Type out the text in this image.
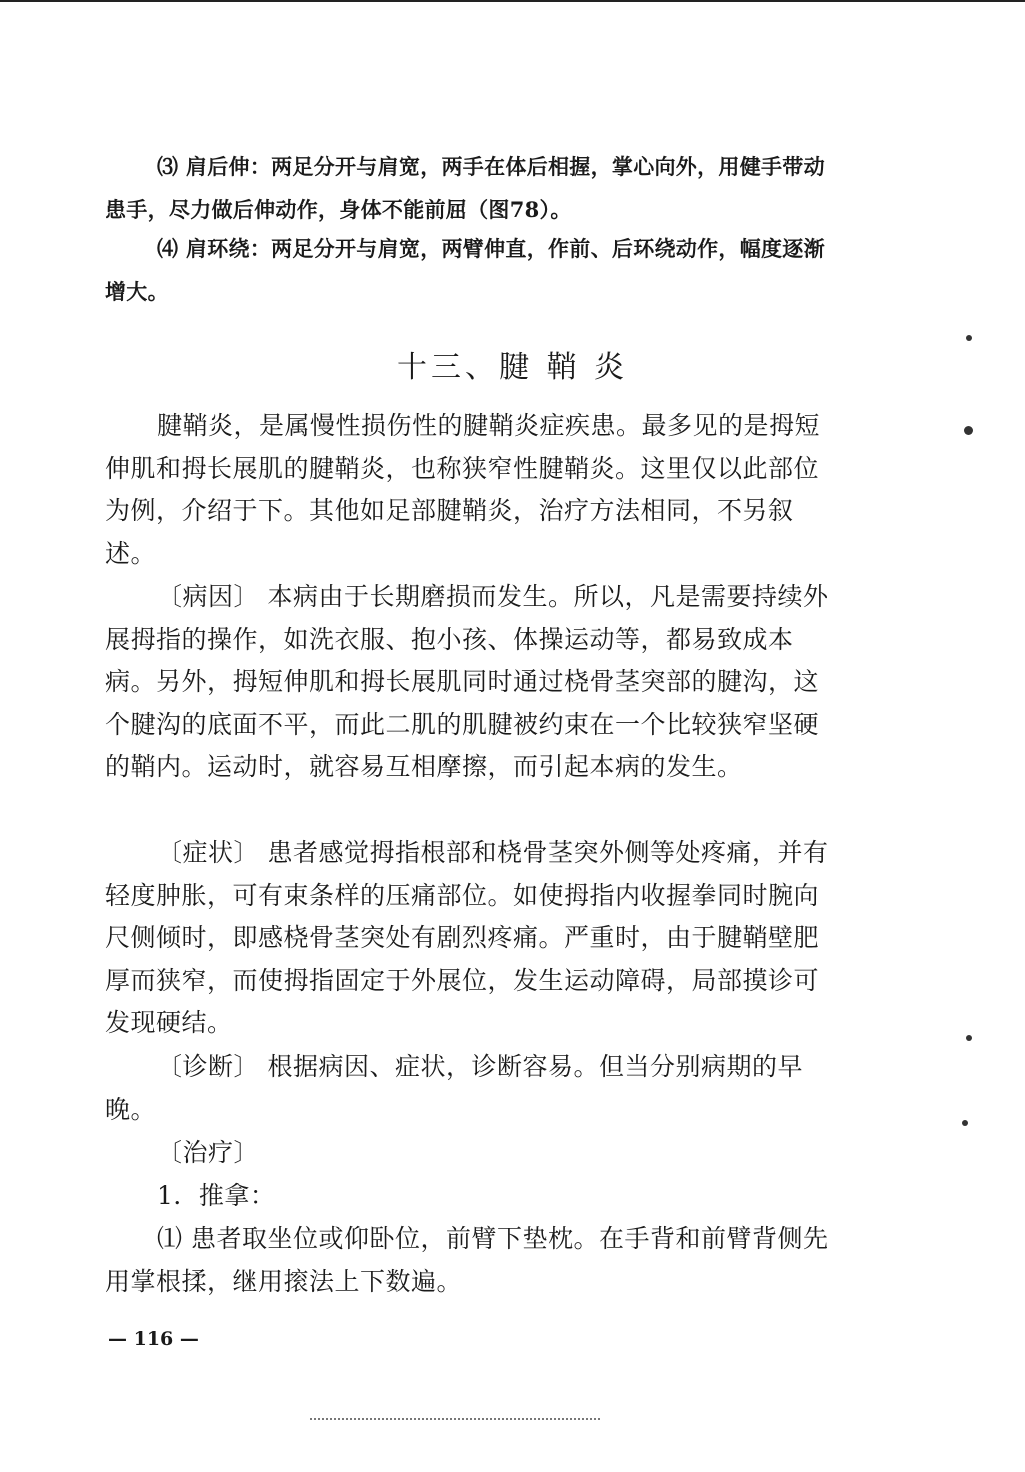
⑶ 肩后伸：两足分开与肩宽，两手在体后相握，掌心向外，用健手带动患手，尽力做后伸动作，身体不能前屈（图78）。
⑷ 肩环绕：两足分开与肩宽，两臂伸直，作前、后环绕动作，幅度逐渐增大。
十三、腱 鞘 炎
腱鞘炎，是属慢性损伤性的腱鞘炎症疾患。最多见的是拇短伸肌和拇长展肌的腱鞘炎，也称狭窄性腱鞘炎。这里仅以此部位为例，介绍于下。其他如足部腱鞘炎，治疗方法相同，不另叙述。
〔病因〕 本病由于长期磨损而发生。所以，凡是需要持续外展拇指的操作，如洗衣服、抱小孩、体操运动等，都易致成本病。另外，拇短伸肌和拇长展肌同时通过桡骨茎突部的腱沟，这个腱沟的底面不平，而此二肌的肌腱被约束在一个比较狭窄坚硬的鞘内。运动时，就容易互相摩擦，而引起本病的发生。
〔症状〕 患者感觉拇指根部和桡骨茎突外侧等处疼痛，并有轻度肿胀，可有束条样的压痛部位。如使拇指内收握拳同时腕向尺侧倾时，即感桡骨茎突处有剧烈疼痛。严重时，由于腱鞘壁肥厚而狭窄，而使拇指固定于外展位，发生运动障碍，局部摸诊可发现硬结。
〔诊断〕 根据病因、症状，诊断容易。但当分别病期的早晚。
〔治疗〕
1．推拿：
⑴ 患者取坐位或仰卧位，前臂下垫枕。在手背和前臂背侧先用掌根揉，继用㨰法上下数遍。
— 116 —
